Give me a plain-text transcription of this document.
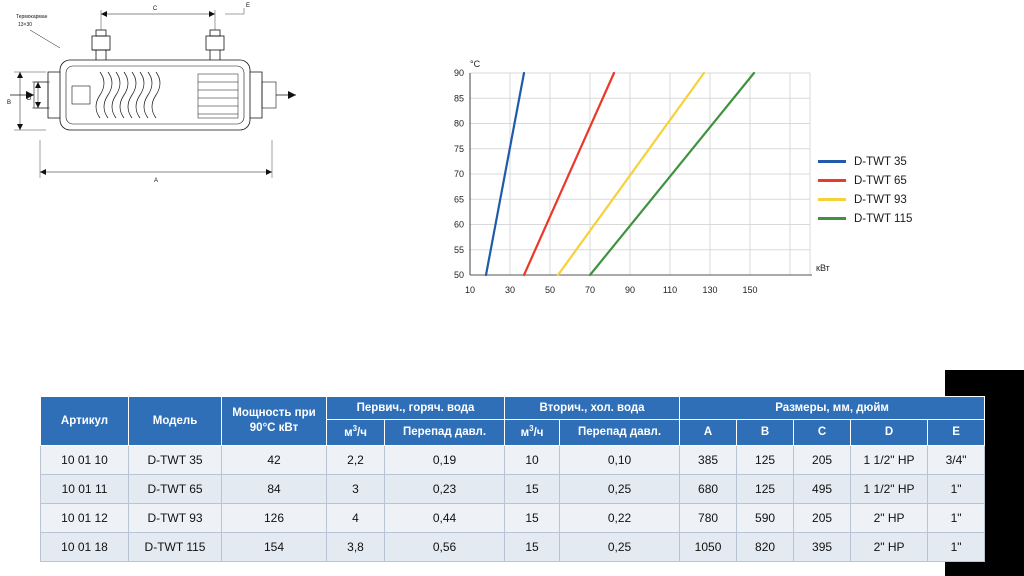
Термокарман
13×30
C	E
A
B
D
90
85
80
75
70
65
60
55
50
10	30	50	70	90	110	130	150
°C
кВт
D-TWT 35
D-TWT 65
D-TWT 93
D-TWT 115
Артикул	Модель	Мощность при 90°C кВт	Первич., горяч. вода		Вторич., хол. вода		Размеры, мм, дюйм				
			$м^3/ч$	Перепад давл.	$м^3/ч$	Перепад давл.	A	B	C	D	E
10 01 10	D-TWT 35	42	2,2	0,19	10	0,10	385	125	205	1 1/2" HP	3/4"
10 01 11	D-TWT 65	84	3	0,23	15	0,25	680	125	495	1 1/2" HP	1"
10 01 12	D-TWT 93	126	4	0,44	15	0,22	780	590	205	2" HP	1"
10 01 18	D-TWT 115	154	3,8	0,56	15	0,25	1050	820	395	2" HP	1"
